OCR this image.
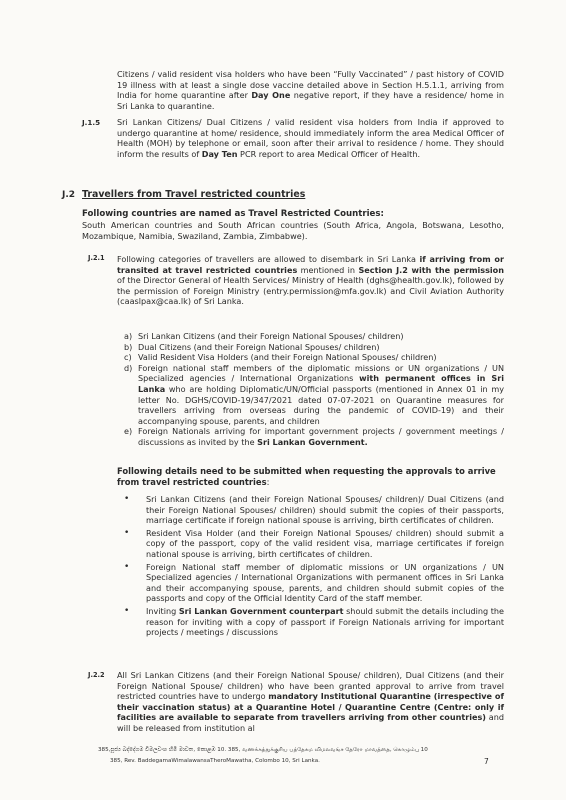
Citizens / valid resident visa holders who have been “Fully Vaccinated” / past history of COVID 19 illness with at least a single dose vaccine detailed above in Section H.5.1.1, arriving from India for home quarantine after Day One negative report, if they have a residence/ home in Sri Lanka to quarantine.

J.1.5 Sri Lankan Citizens/ Dual Citizens / valid resident visa holders from India if approved to undergo quarantine at home/ residence, should immediately inform the area Medical Officer of Health (MOH) by telephone or email, soon after their arrival to residence / home. They should inform the results of Day Ten PCR report to area Medical Officer of Health.

J.2 Travellers from Travel restricted countries

Following countries are named as Travel Restricted Countries:

South American countries and South African countries (South Africa, Angola, Botswana, Lesotho, Mozambique, Namibia, Swaziland, Zambia, Zimbabwe).

J.2.1 Following categories of travellers are allowed to disembark in Sri Lanka if arriving from or transited at travel restricted countries mentioned in Section J.2 with the permission of the Director General of Health Services/ Ministry of Health (dghs@health.gov.lk), followed by the permission of Foreign Ministry (entry.permission@mfa.gov.lk) and Civil Aviation Authority (caaslpax@caa.lk) of Sri Lanka.

a) Sri Lankan Citizens (and their Foreign National Spouses/ children)
b) Dual Citizens (and their Foreign National Spouses/ children)
c) Valid Resident Visa Holders (and their Foreign National Spouses/ children)
d) Foreign national staff members of the diplomatic missions or UN organizations / UN Specialized agencies / International Organizations with permanent offices in Sri Lanka who are holding Diplomatic/UN/Official passports (mentioned in Annex 01 in my letter No. DGHS/COVID-19/347/2021 dated 07-07-2021 on Quarantine measures for travellers arriving from overseas during the pandemic of COVID-19) and their accompanying spouse, parents, and children
e) Foreign Nationals arriving for important government projects / government meetings / discussions as invited by the Sri Lankan Government.

Following details need to be submitted when requesting the approvals to arrive from travel restricted countries:

• Sri Lankan Citizens (and their Foreign National Spouses/ children)/ Dual Citizens (and their Foreign National Spouses/ children) should submit the copies of their passports, marriage certificate if foreign national spouse is arriving, birth certificates of children.
• Resident Visa Holder (and their Foreign National Spouses/ children) should submit a copy of the passport, copy of the valid resident visa, marriage certificates if foreign national spouse is arriving, birth certificates of children.
• Foreign National staff member of diplomatic missions or UN organizations / UN Specialized agencies / International Organizations with permanent offices in Sri Lanka and their accompanying spouse, parents, and children should submit copies of the passports and copy of the Official Identity Card of the staff member.
• Inviting Sri Lankan Government counterpart should submit the details including the reason for inviting with a copy of passport if Foreign Nationals arriving for important projects / meetings / discussions
J.2.2 All Sri Lankan Citizens (and their Foreign National Spouse/ children), Dual Citizens (and their Foreign National Spouse/ children) who have been granted approval to arrive from travel restricted countries have to undergo mandatory Institutional Quarantine (irrespective of their vaccination status) at a Quarantine Hotel / Quarantine Centre (Centre: only if facilities are available to separate from travellers arriving from other countries) and will be released from institution al

385,පූජ්‍ය බද්දේගම විමලවංශ හිමි මාවත, කොළඹ 10. 385, வணக்கத்துக்குரிய பத்தேகம விமலவங்ச தேரோ மாவத்தை, கொழும்பு 10
385, Rev. BaddegamaWimalawansaTheroMawatha, Colombo 10, Sri Lanka.	7
